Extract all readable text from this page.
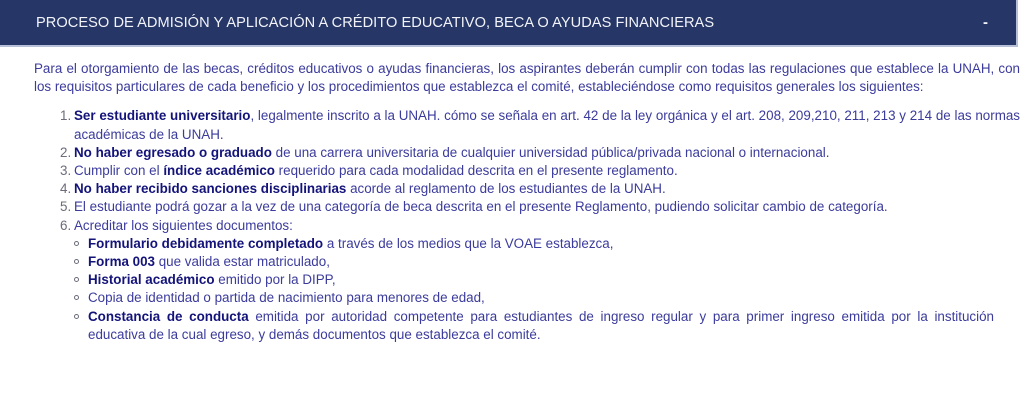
PROCESO DE ADMISIÓN Y APLICACIÓN A CRÉDITO EDUCATIVO, BECA O AYUDAS FINANCIERAS	-

Para el otorgamiento de las becas, créditos educativos o ayudas financieras, los aspirantes deberán cumplir con todas las regulaciones que establece la UNAH, con los requisitos particulares de cada beneficio y los procedimientos que establezca el comité, estableciéndose como requisitos generales los siguientes:

1. Ser estudiante universitario, legalmente inscrito a la UNAH. cómo se señala en art. 42 de la ley orgánica y el art. 208, 209,210, 211, 213 y 214 de las normas académicas de la UNAH.
2. No haber egresado o graduado de una carrera universitaria de cualquier universidad pública/privada nacional o internacional.
3. Cumplir con el índice académico requerido para cada modalidad descrita en el presente reglamento.
4. No haber recibido sanciones disciplinarias acorde al reglamento de los estudiantes de la UNAH.
5. El estudiante podrá gozar a la vez de una categoría de beca descrita en el presente Reglamento, pudiendo solicitar cambio de categoría.
6. Acreditar los siguientes documentos:
Formulario debidamente completado a través de los medios que la VOAE establezca,
Forma 003 que valida estar matriculado,
Historial académico emitido por la DIPP,
Copia de identidad o partida de nacimiento para menores de edad,
Constancia de conducta emitida por autoridad competente para estudiantes de ingreso regular y para primer ingreso emitida por la institución educativa de la cual egreso, y demás documentos que establezca el comité.
